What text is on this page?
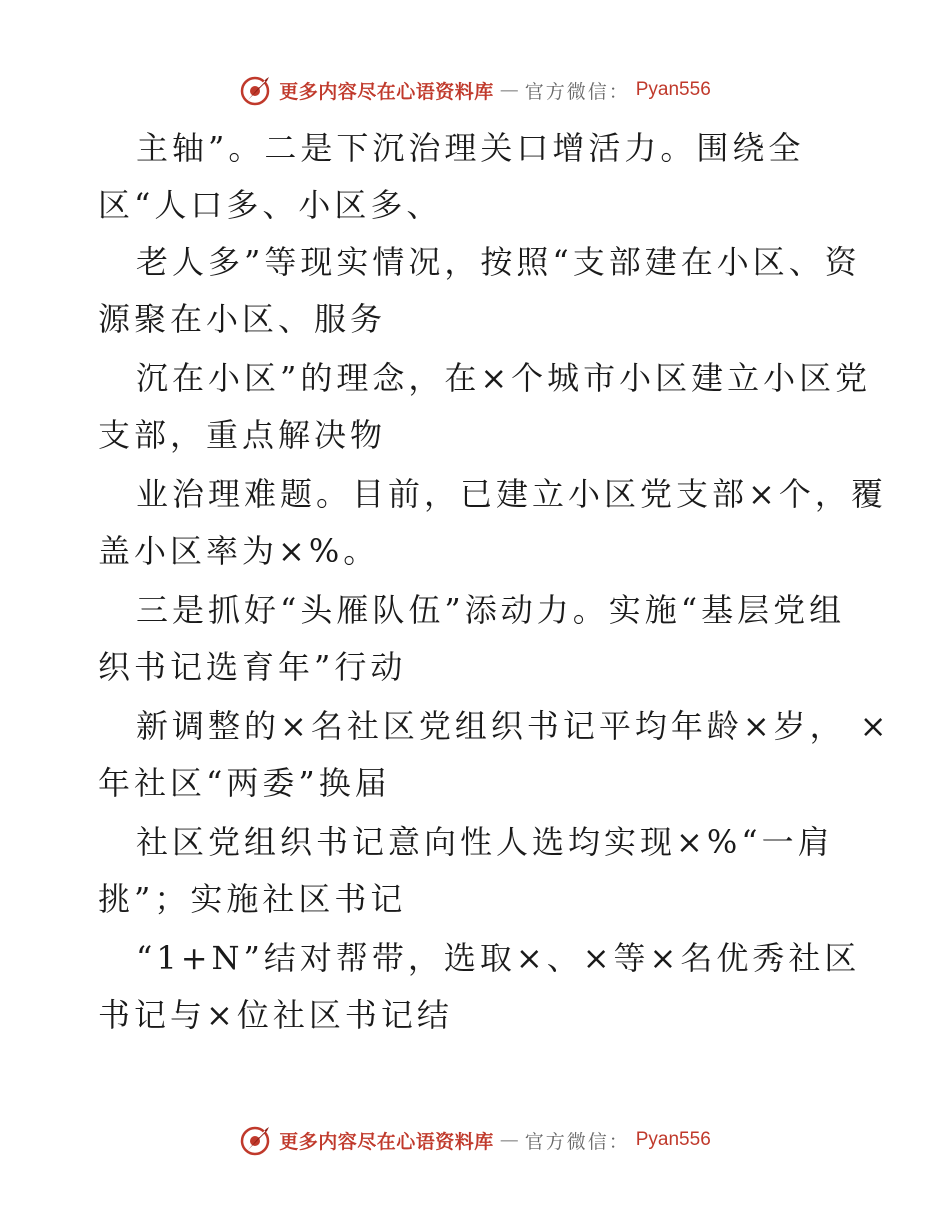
更多内容尽在心语资料库 — 官方微信： Pyan556
主轴”。二是下沉治理关口增活力。围绕全
区“人口多、小区多、
老人多”等现实情况，按照“支部建在小区、资
源聚在小区、服务
沉在小区”的理念，在×个城市小区建立小区党
支部，重点解决物
业治理难题。目前，已建立小区党支部×个，覆
盖小区率为×%。
三是抓好“头雁队伍”添动力。实施“基层党组
织书记选育年”行动
新调整的×名社区党组织书记平均年龄×岁， ×
年社区“两委”换届
社区党组织书记意向性人选均实现×%“一肩
挑”；实施社区书记
“1+N”结对帮带，选取×、×等×名优秀社区
书记与×位社区书记结
更多内容尽在心语资料库 — 官方微信： Pyan556
